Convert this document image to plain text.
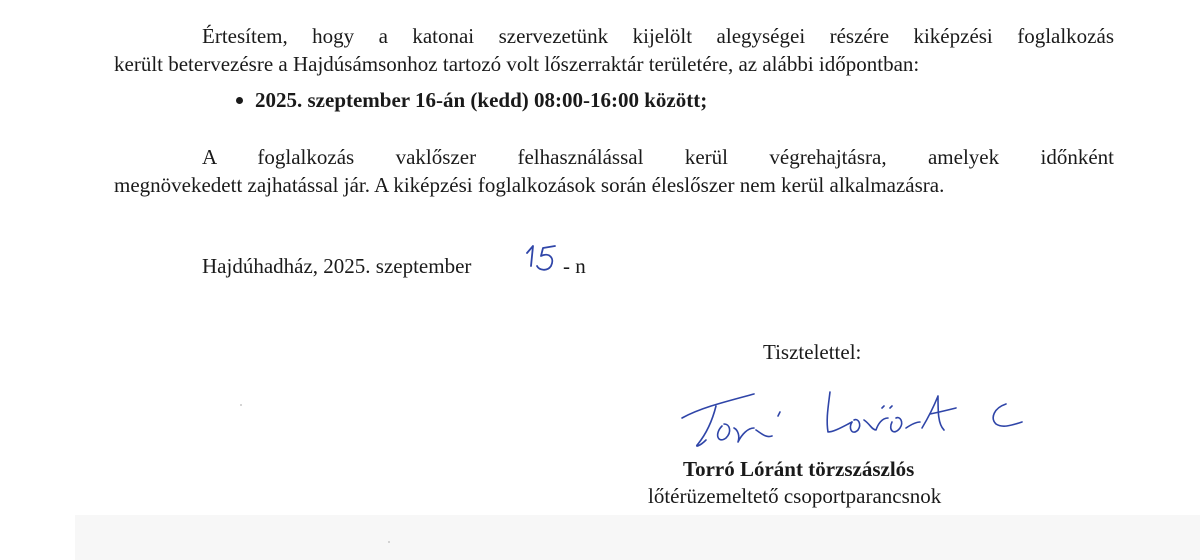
Értesítem, hogy a katonai szervezetünk kijelölt alegységei részére kiképzési foglalkozás
került betervezésre a Hajdúsámsonhoz tartozó volt lőszerraktár területére, az alábbi időpontban:

2025. szeptember 16-án (kedd) 08:00-16:00 között;

A foglalkozás vaklőszer felhasználással kerül végrehajtásra, amelyek időnként
megnövekedett zajhatással jár. A kiképzési foglalkozások során éleslőszer nem kerül alkalmazásra.

Hajdúhadház, 2025. szeptember	- n
Tisztelettel:
Torró Lóránt törzszászlós
lőtérüzemeltető csoportparancsnok
